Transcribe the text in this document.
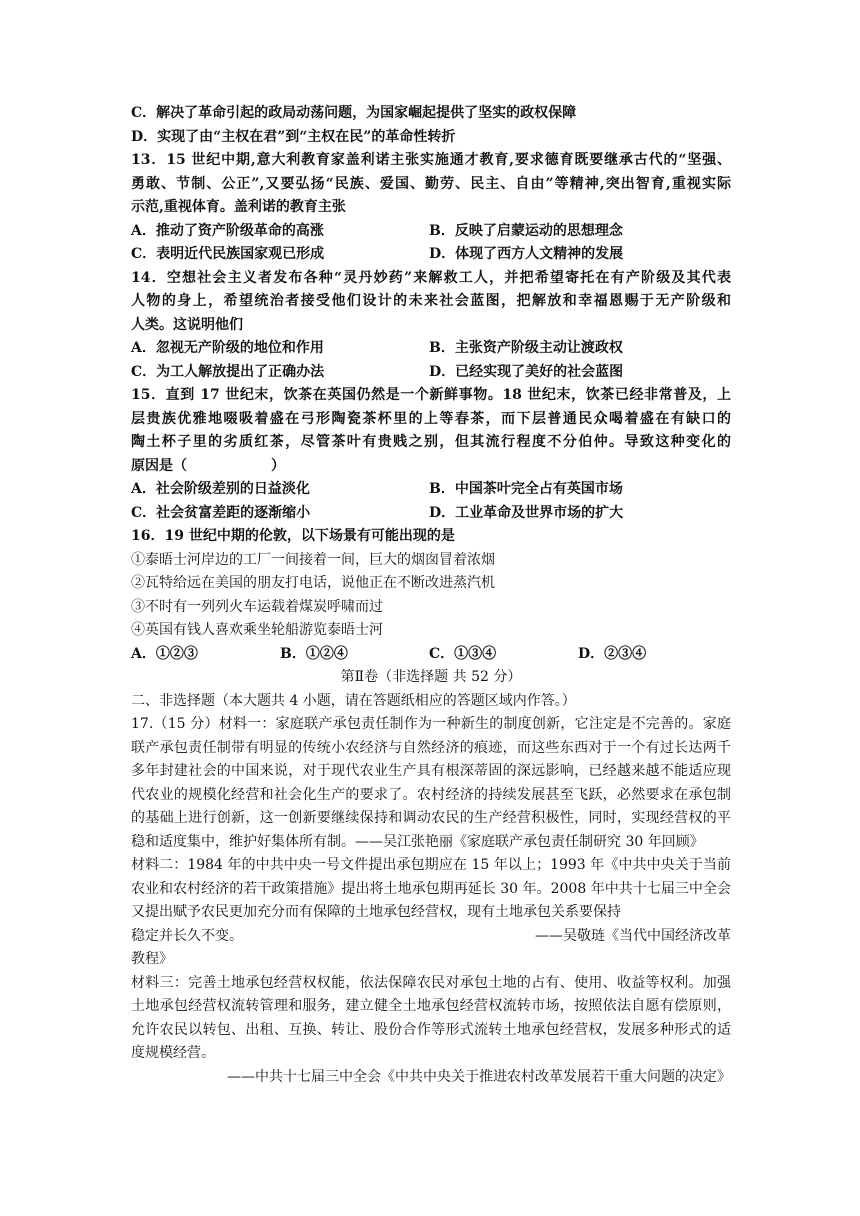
C．解决了革命引起的政局动荡问题，为国家崛起提供了坚实的政权保障
D．实现了由“主权在君”到“主权在民”的革命性转折
13．15 世纪中期,意大利教育家盖利诺主张实施通才教育,要求德育既要继承古代的“坚强、
勇敢、节制、公正”,又要弘扬“民族、爱国、勤劳、民主、自由”等精神,突出智育,重视实际
示范,重视体育。盖利诺的教育主张
A．推动了资产阶级革命的高涨	B．反映了启蒙运动的思想理念
C．表明近代民族国家观已形成	D．体现了西方人文精神的发展
14．空想社会主义者发布各种“灵丹妙药”来解救工人，并把希望寄托在有产阶级及其代表
人物的身上，希望统治者接受他们设计的未来社会蓝图，把解放和幸福恩赐于无产阶级和
人类。这说明他们
A．忽视无产阶级的地位和作用	B．主张资产阶级主动让渡政权
C．为工人解放提出了正确办法	D．已经实现了美好的社会蓝图
15．直到 17 世纪末，饮茶在英国仍然是一个新鲜事物。18 世纪末，饮茶已经非常普及，上
层贵族优雅地啜吸着盛在弓形陶瓷茶杯里的上等春茶，而下层普通民众喝着盛在有缺口的
陶土杯子里的劣质红茶，尽管茶叶有贵贱之别，但其流行程度不分伯仲。导致这种变化的
原因是（　　　　　　）
A．社会阶级差别的日益淡化	B．中国茶叶完全占有英国市场
C．社会贫富差距的逐渐缩小	D．工业革命及世界市场的扩大
16．19 世纪中期的伦敦，以下场景有可能出现的是
①泰晤士河岸边的工厂一间接着一间，巨大的烟囱冒着浓烟
②瓦特给远在美国的朋友打电话，说他正在不断改进蒸汽机
③不时有一列列火车运载着煤炭呼啸而过
④英国有钱人喜欢乘坐轮船游览泰晤士河
A．①②③	B．①②④	C．①③④	D．②③④
第Ⅱ卷（非选择题 共 52 分）
二、非选择题（本大题共 4 小题，请在答题纸相应的答题区域内作答。）
17.（15 分）材料一：家庭联产承包责任制作为一种新生的制度创新，它注定是不完善的。家庭联产承包责任制带有明显的传统小农经济与自然经济的痕迹，而这些东西对于一个有过长达两千多年封建社会的中国来说，对于现代农业生产具有根深蒂固的深远影响，已经越来越不能适应现代农业的规模化经营和社会化生产的要求了。农村经济的持续发展甚至飞跃，必然要求在承包制的基础上进行创新，这一创新要继续保持和调动农民的生产经营积极性，同时，实现经营权的平稳和适度集中，维护好集体所有制。——吴江张艳丽《家庭联产承包责任制研究 30 年回顾》
材料二：1984 年的中共中央一号文件提出承包期应在 15 年以上；1993 年《中共中央关于当前农业和农村经济的若干政策措施》提出将土地承包期再延长 30 年。2008 年中共十七届三中全会又提出赋予农民更加充分而有保障的土地承包经营权，现有土地承包关系要保持
稳定并长久不变。	——吴敬琏《当代中国经济改革
教程》
材料三：完善土地承包经营权权能，依法保障农民对承包土地的占有、使用、收益等权利。加强土地承包经营权流转管理和服务，建立健全土地承包经营权流转市场，按照依法自愿有偿原则，允许农民以转包、出租、互换、转让、股份合作等形式流转土地承包经营权，发展多种形式的适度规模经营。
——中共十七届三中全会《中共中央关于推进农村改革发展若干重大问题的决定》
